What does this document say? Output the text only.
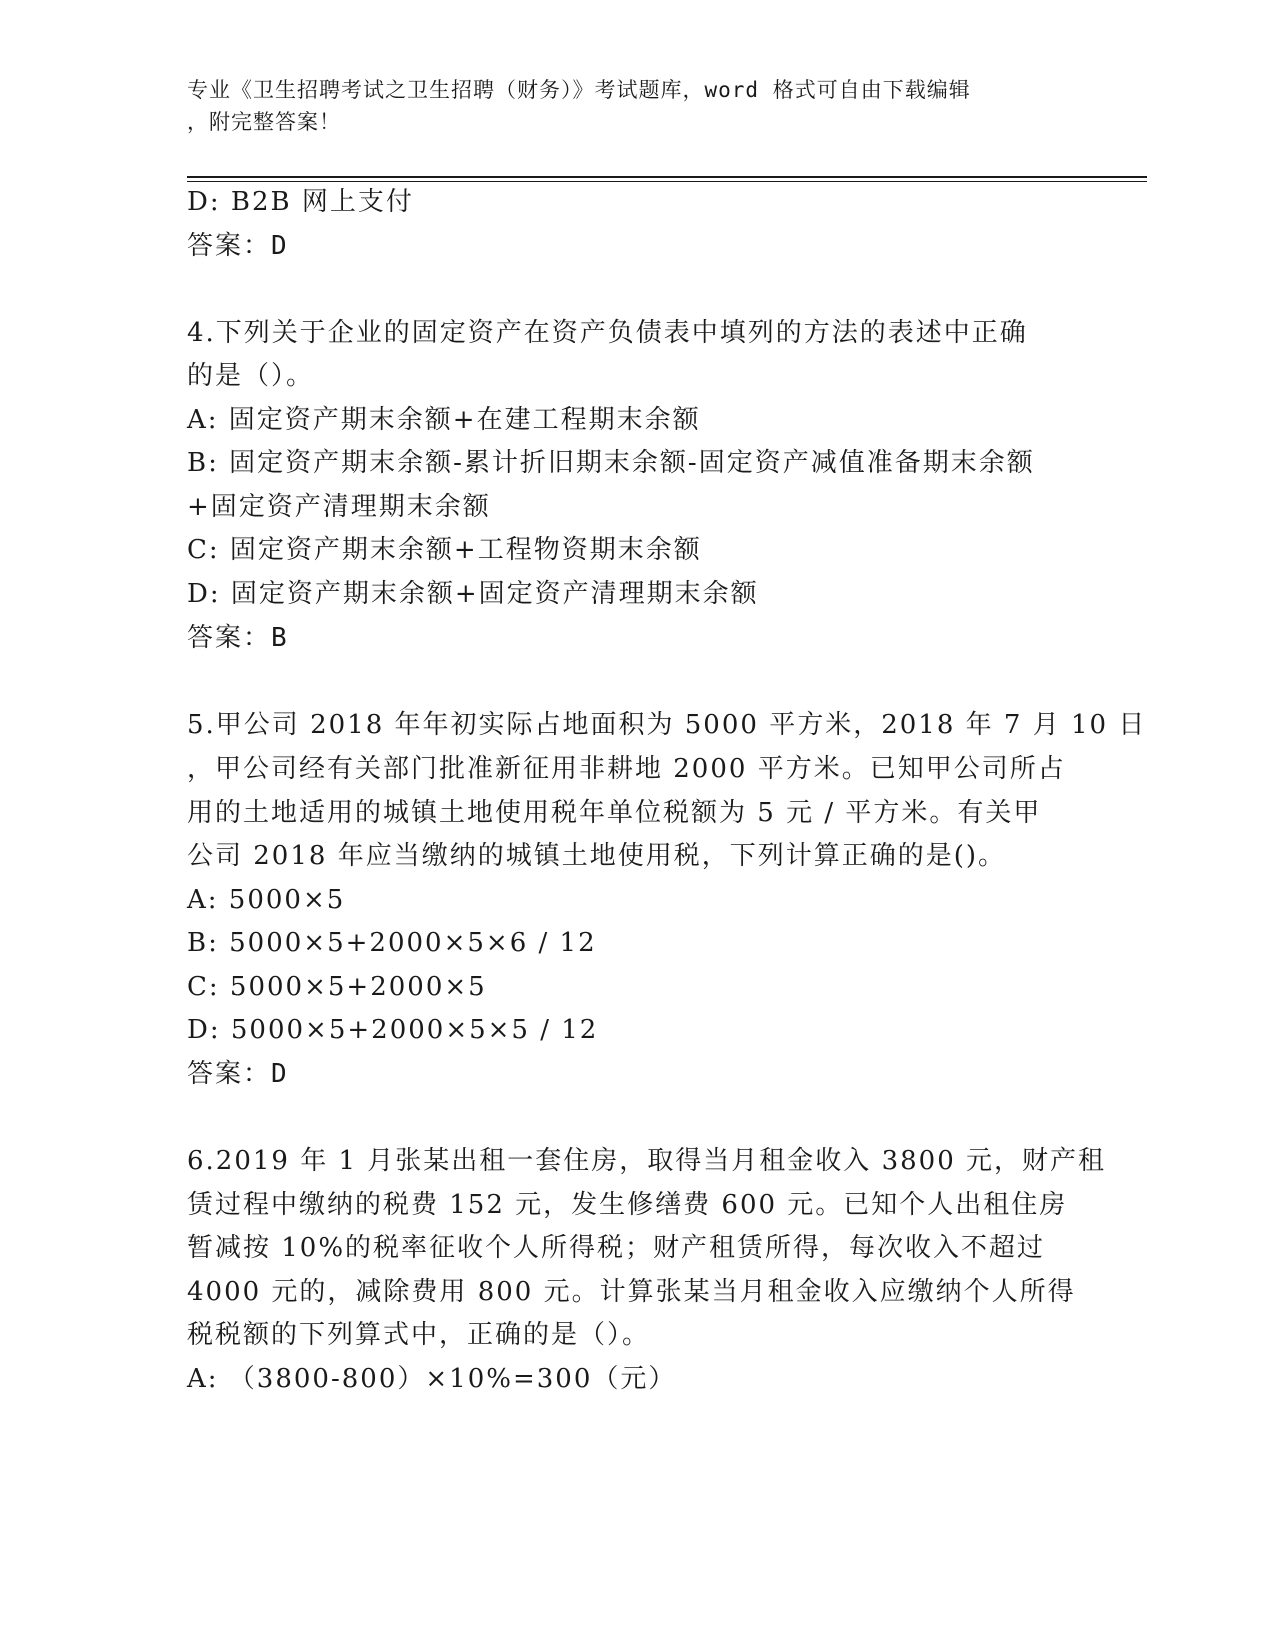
专业《卫生招聘考试之卫生招聘（财务）》考试题库，word 格式可自由下载编辑
，附完整答案！
D: B2B 网上支付
答案：D
4.下列关于企业的固定资产在资产负债表中填列的方法的表述中正确
的是（）。
A: 固定资产期末余额+在建工程期末余额
B: 固定资产期末余额-累计折旧期末余额-固定资产减值准备期末余额
+固定资产清理期末余额
C: 固定资产期末余额+工程物资期末余额
D: 固定资产期末余额+固定资产清理期末余额
答案：B
5.甲公司 2018 年年初实际占地面积为 5000 平方米，2018 年 7 月 10 日
，甲公司经有关部门批准新征用非耕地 2000 平方米。已知甲公司所占
用的土地适用的城镇土地使用税年单位税额为 5 元 / 平方米。有关甲
公司 2018 年应当缴纳的城镇土地使用税，下列计算正确的是()。
A: 5000×5
B: 5000×5+2000×5×6 / 12
C: 5000×5+2000×5
D: 5000×5+2000×5×5 / 12
答案：D
6.2019 年 1 月张某出租一套住房，取得当月租金收入 3800 元，财产租
赁过程中缴纳的税费 152 元，发生修缮费 600 元。已知个人出租住房
暂减按 10%的税率征收个人所得税；财产租赁所得，每次收入不超过
4000 元的，减除费用 800 元。计算张某当月租金收入应缴纳个人所得
税税额的下列算式中，正确的是（）。
A: （3800-800）×10%=300（元）
